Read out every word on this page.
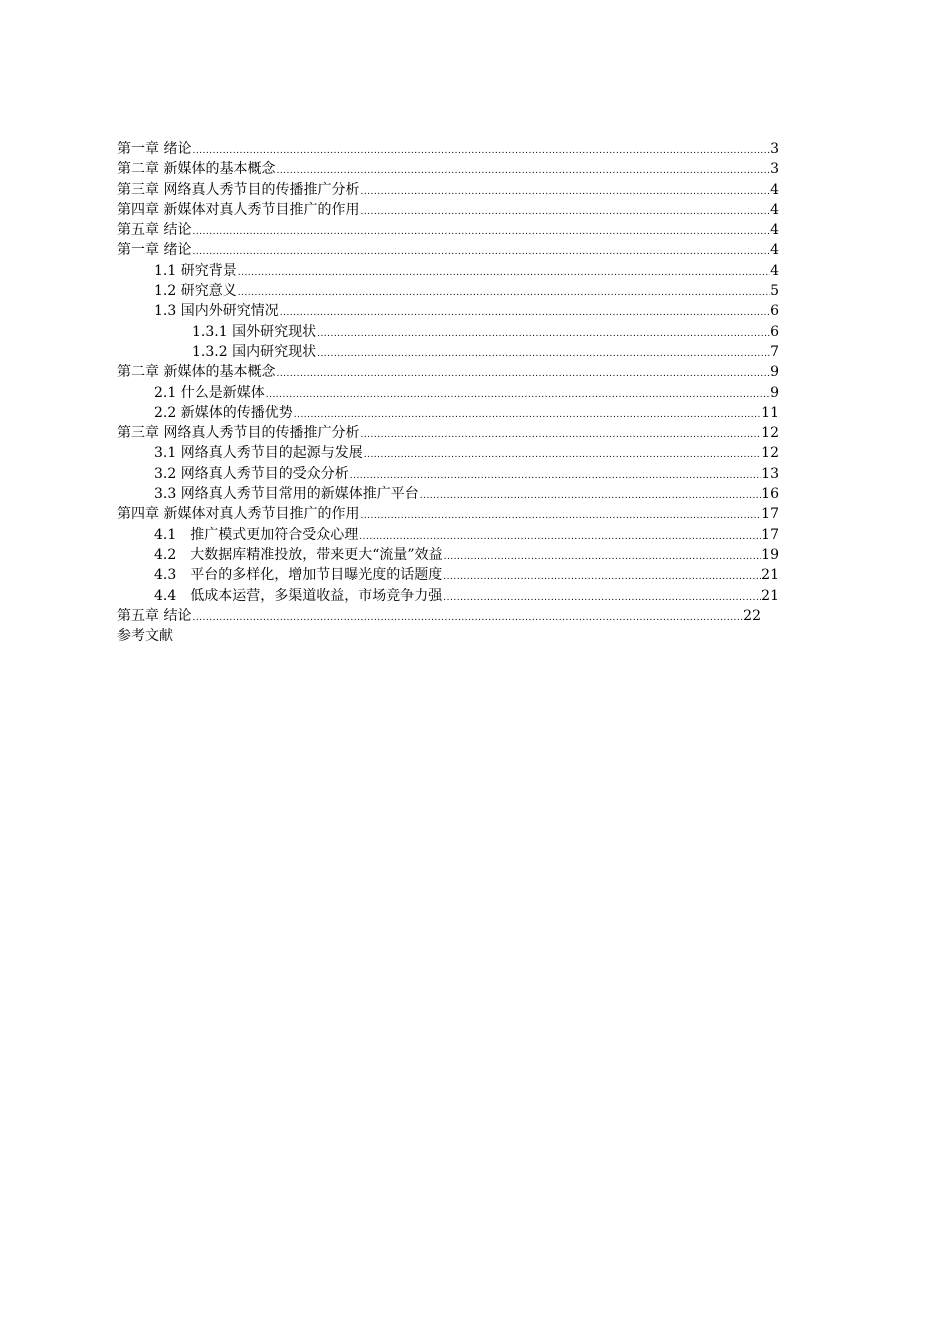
第一章 绪论 .....	3
第二章 新媒体的基本概念 .....	3
第三章 网络真人秀节目的传播推广分析 .....	4
第四章 新媒体对真人秀节目推广的作用 .....	4
第五章 结论 .....	4
第一章 绪论 .....	4
1.1 研究背景 .....	4
1.2 研究意义 .....	5
1.3 国内外研究情况 .....	6
1.3.1 国外研究现状 .....	6
1.3.2 国内研究现状 .....	7
第二章 新媒体的基本概念 .....	9
2.1 什么是新媒体 .....	9
2.2 新媒体的传播优势 .....	11
第三章 网络真人秀节目的传播推广分析 .....	12
3.1 网络真人秀节目的起源与发展 .....	12
3.2 网络真人秀节目的受众分析 .....	13
3.3 网络真人秀节目常用的新媒体推广平台 .....	16
第四章 新媒体对真人秀节目推广的作用 .....	17
4.1　推广模式更加符合受众心理 .....	17
4.2　大数据库精准投放，带来更大“流量”效益 .....	19
4.3　平台的多样化，增加节目曝光度的话题度 .....	21
4.4　低成本运营，多渠道收益，市场竞争力强 .....	21
第五章 结论 .....	22
参考文献
